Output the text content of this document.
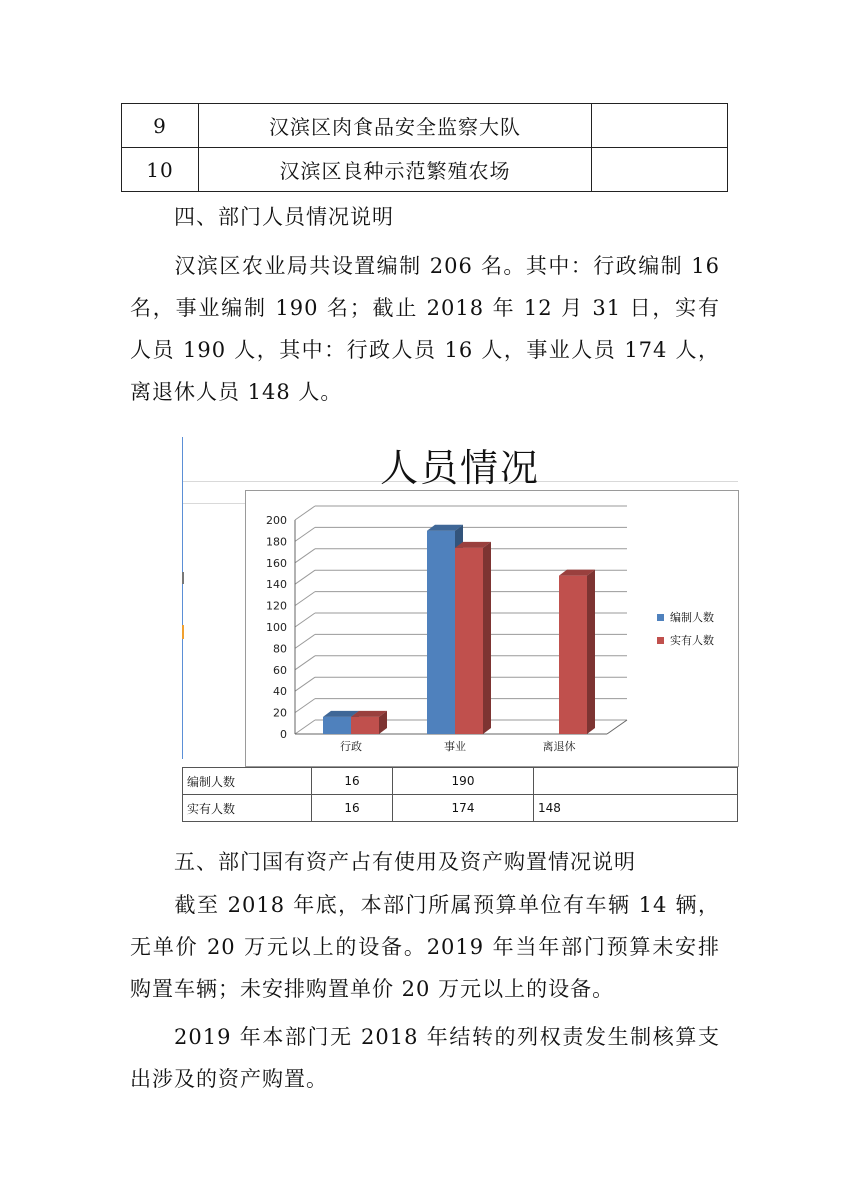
9	汉滨区肉食品安全监察大队	
10	汉滨区良种示范繁殖农场	
四、部门人员情况说明

汉滨区农业局共设置编制 206 名。其中：行政编制 16 名，事业编制 190 名；截止 2018 年 12 月 31 日，实有人员 190 人，其中：行政人员 16 人，事业人员 174 人，离退休人员 148 人。

人员情况
0
20
40
60
80
100
120
140
160
180
200
行政	事业	离退休
编制人数
实有人数
编制人数	16	190	
实有人数	16	174	148
五、部门国有资产占有使用及资产购置情况说明

截至 2018 年底，本部门所属预算单位有车辆 14 辆，无单价 20 万元以上的设备。2019 年当年部门预算未安排购置车辆；未安排购置单价 20 万元以上的设备。

2019 年本部门无 2018 年结转的列权责发生制核算支出涉及的资产购置。
